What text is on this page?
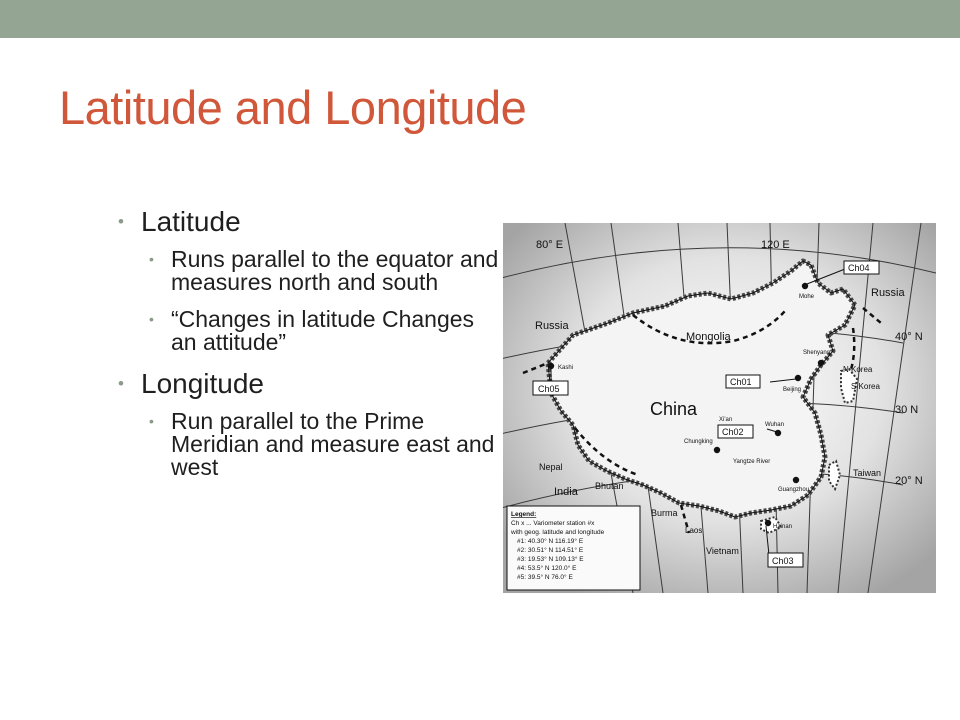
Latitude and Longitude
• Latitude
• Runs parallel to the equator and measures north and south
• “Changes in latitude Changes an attitude”
• Longitude
• Run parallel to the Prime Meridian and measure east and west
80° E	120 E
40° N
30 N
20° N
Russia
Russia
Mongolia
China
Nepal
Bhutan
India
Burma
Laos
Vietnam
Taiwan
N Korea
S Korea
Hainan
Mohe
Shenyang
Beijing
Wuhan
Xi'an
Chungking
Yangtze River
Guangzhou
Kashi
Ch04
Ch01
Ch05
Ch02
Ch03
Legend:
Ch x ... Variometer station #x
with geog. latitude and longitude
#1: 40.30° N 116.19° E
#2: 30.51° N 114.51° E
#3: 19.53° N 109.13° E
#4: 53.5° N 120.0° E
#5: 39.5° N 76.0° E
